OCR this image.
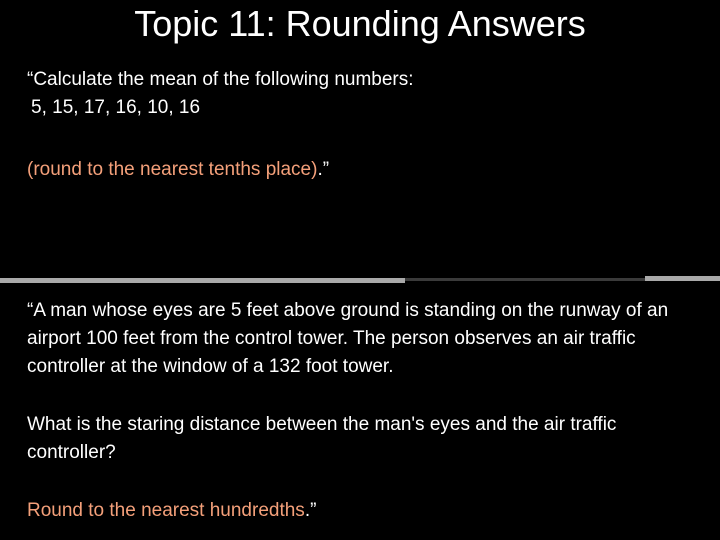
Topic 11: Rounding Answers
“Calculate the mean of the following numbers:
5, 15, 17, 16, 10, 16
(round to the nearest tenths place).”
“A man whose eyes are 5 feet above ground is standing on the runway of an airport 100 feet from the control tower. The person observes an air traffic controller at the window of a 132 foot tower.
What is the staring distance between the man's eyes and the air traffic controller?
Round to the nearest hundredths.”
